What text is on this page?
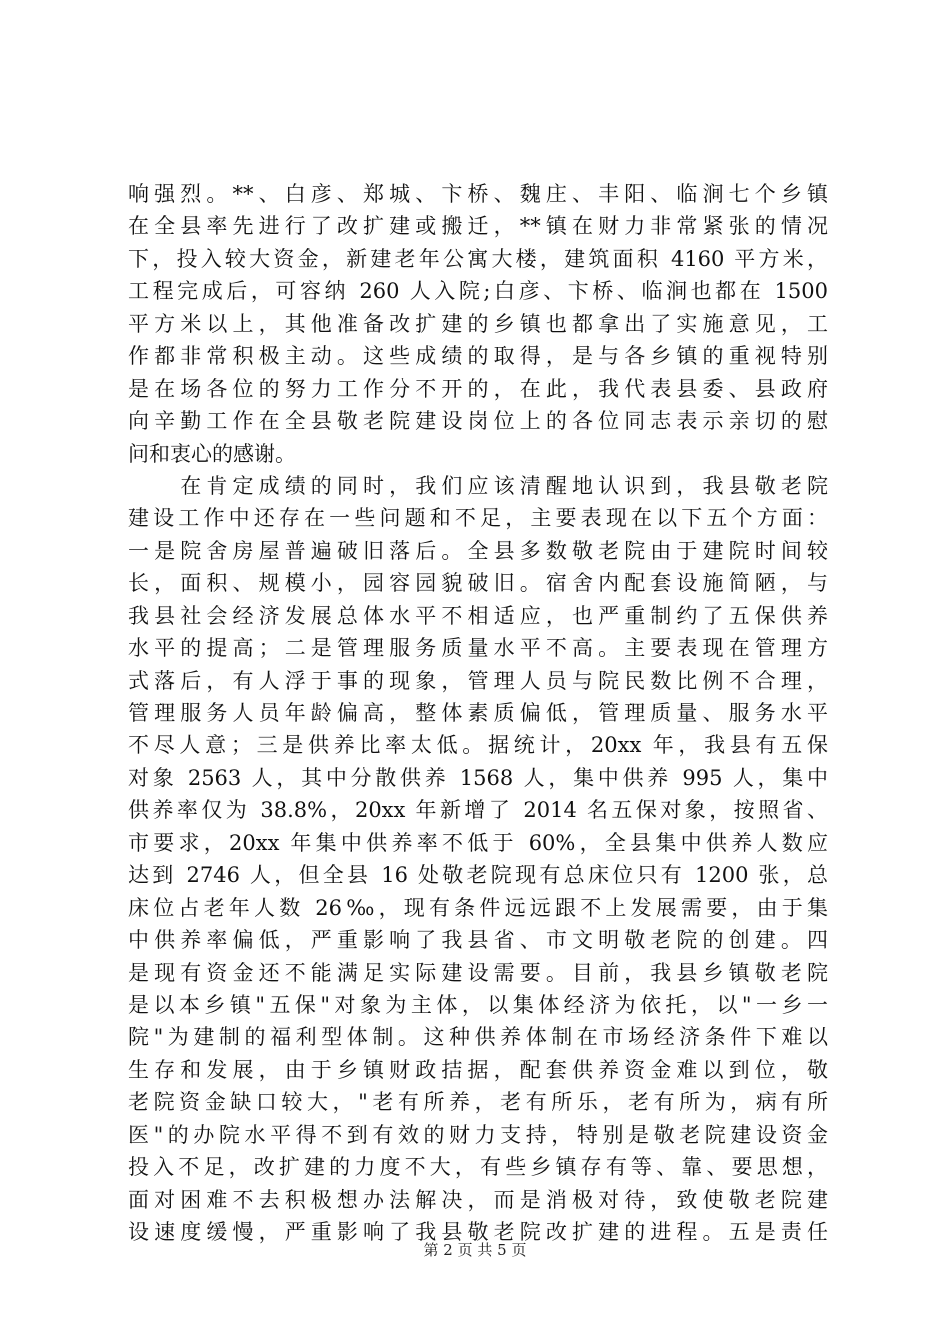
响强烈。**、白彦、郑城、卞桥、魏庄、丰阳、临涧七个乡镇
在全县率先进行了改扩建或搬迁，**镇在财力非常紧张的情况
下，投入较大资金，新建老年公寓大楼，建筑面积 4160 平方米，
工程完成后，可容纳 260 人入院;白彦、卞桥、临涧也都在 1500
平方米以上，其他准备改扩建的乡镇也都拿出了实施意见，工
作都非常积极主动。这些成绩的取得，是与各乡镇的重视特别
是在场各位的努力工作分不开的，在此，我代表县委、县政府
向辛勤工作在全县敬老院建设岗位上的各位同志表示亲切的慰
问和衷心的感谢。
　　在肯定成绩的同时，我们应该清醒地认识到，我县敬老院
建设工作中还存在一些问题和不足，主要表现在以下五个方面：
一是院舍房屋普遍破旧落后。全县多数敬老院由于建院时间较
长，面积、规模小，园容园貌破旧。宿舍内配套设施简陋，与
我县社会经济发展总体水平不相适应，也严重制约了五保供养
水平的提高；二是管理服务质量水平不高。主要表现在管理方
式落后，有人浮于事的现象，管理人员与院民数比例不合理，
管理服务人员年龄偏高，整体素质偏低，管理质量、服务水平
不尽人意；三是供养比率太低。据统计，20xx 年，我县有五保
对象 2563 人，其中分散供养 1568 人，集中供养 995 人，集中
供养率仅为 38.8%，20xx 年新增了 2014 名五保对象，按照省、
市要求，20xx 年集中供养率不低于 60%，全县集中供养人数应
达到 2746 人，但全县 16 处敬老院现有总床位只有 1200 张，总
床位占老年人数 26‰，现有条件远远跟不上发展需要，由于集
中供养率偏低，严重影响了我县省、市文明敬老院的创建。四
是现有资金还不能满足实际建设需要。目前，我县乡镇敬老院
是以本乡镇"五保"对象为主体，以集体经济为依托，以"一乡一
院"为建制的福利型体制。这种供养体制在市场经济条件下难以
生存和发展，由于乡镇财政拮据，配套供养资金难以到位，敬
老院资金缺口较大，"老有所养，老有所乐，老有所为，病有所
医"的办院水平得不到有效的财力支持，特别是敬老院建设资金
投入不足，改扩建的力度不大，有些乡镇存有等、靠、要思想，
面对困难不去积极想办法解决，而是消极对待，致使敬老院建
设速度缓慢，严重影响了我县敬老院改扩建的进程。五是责任
第 2 页 共 5 页
